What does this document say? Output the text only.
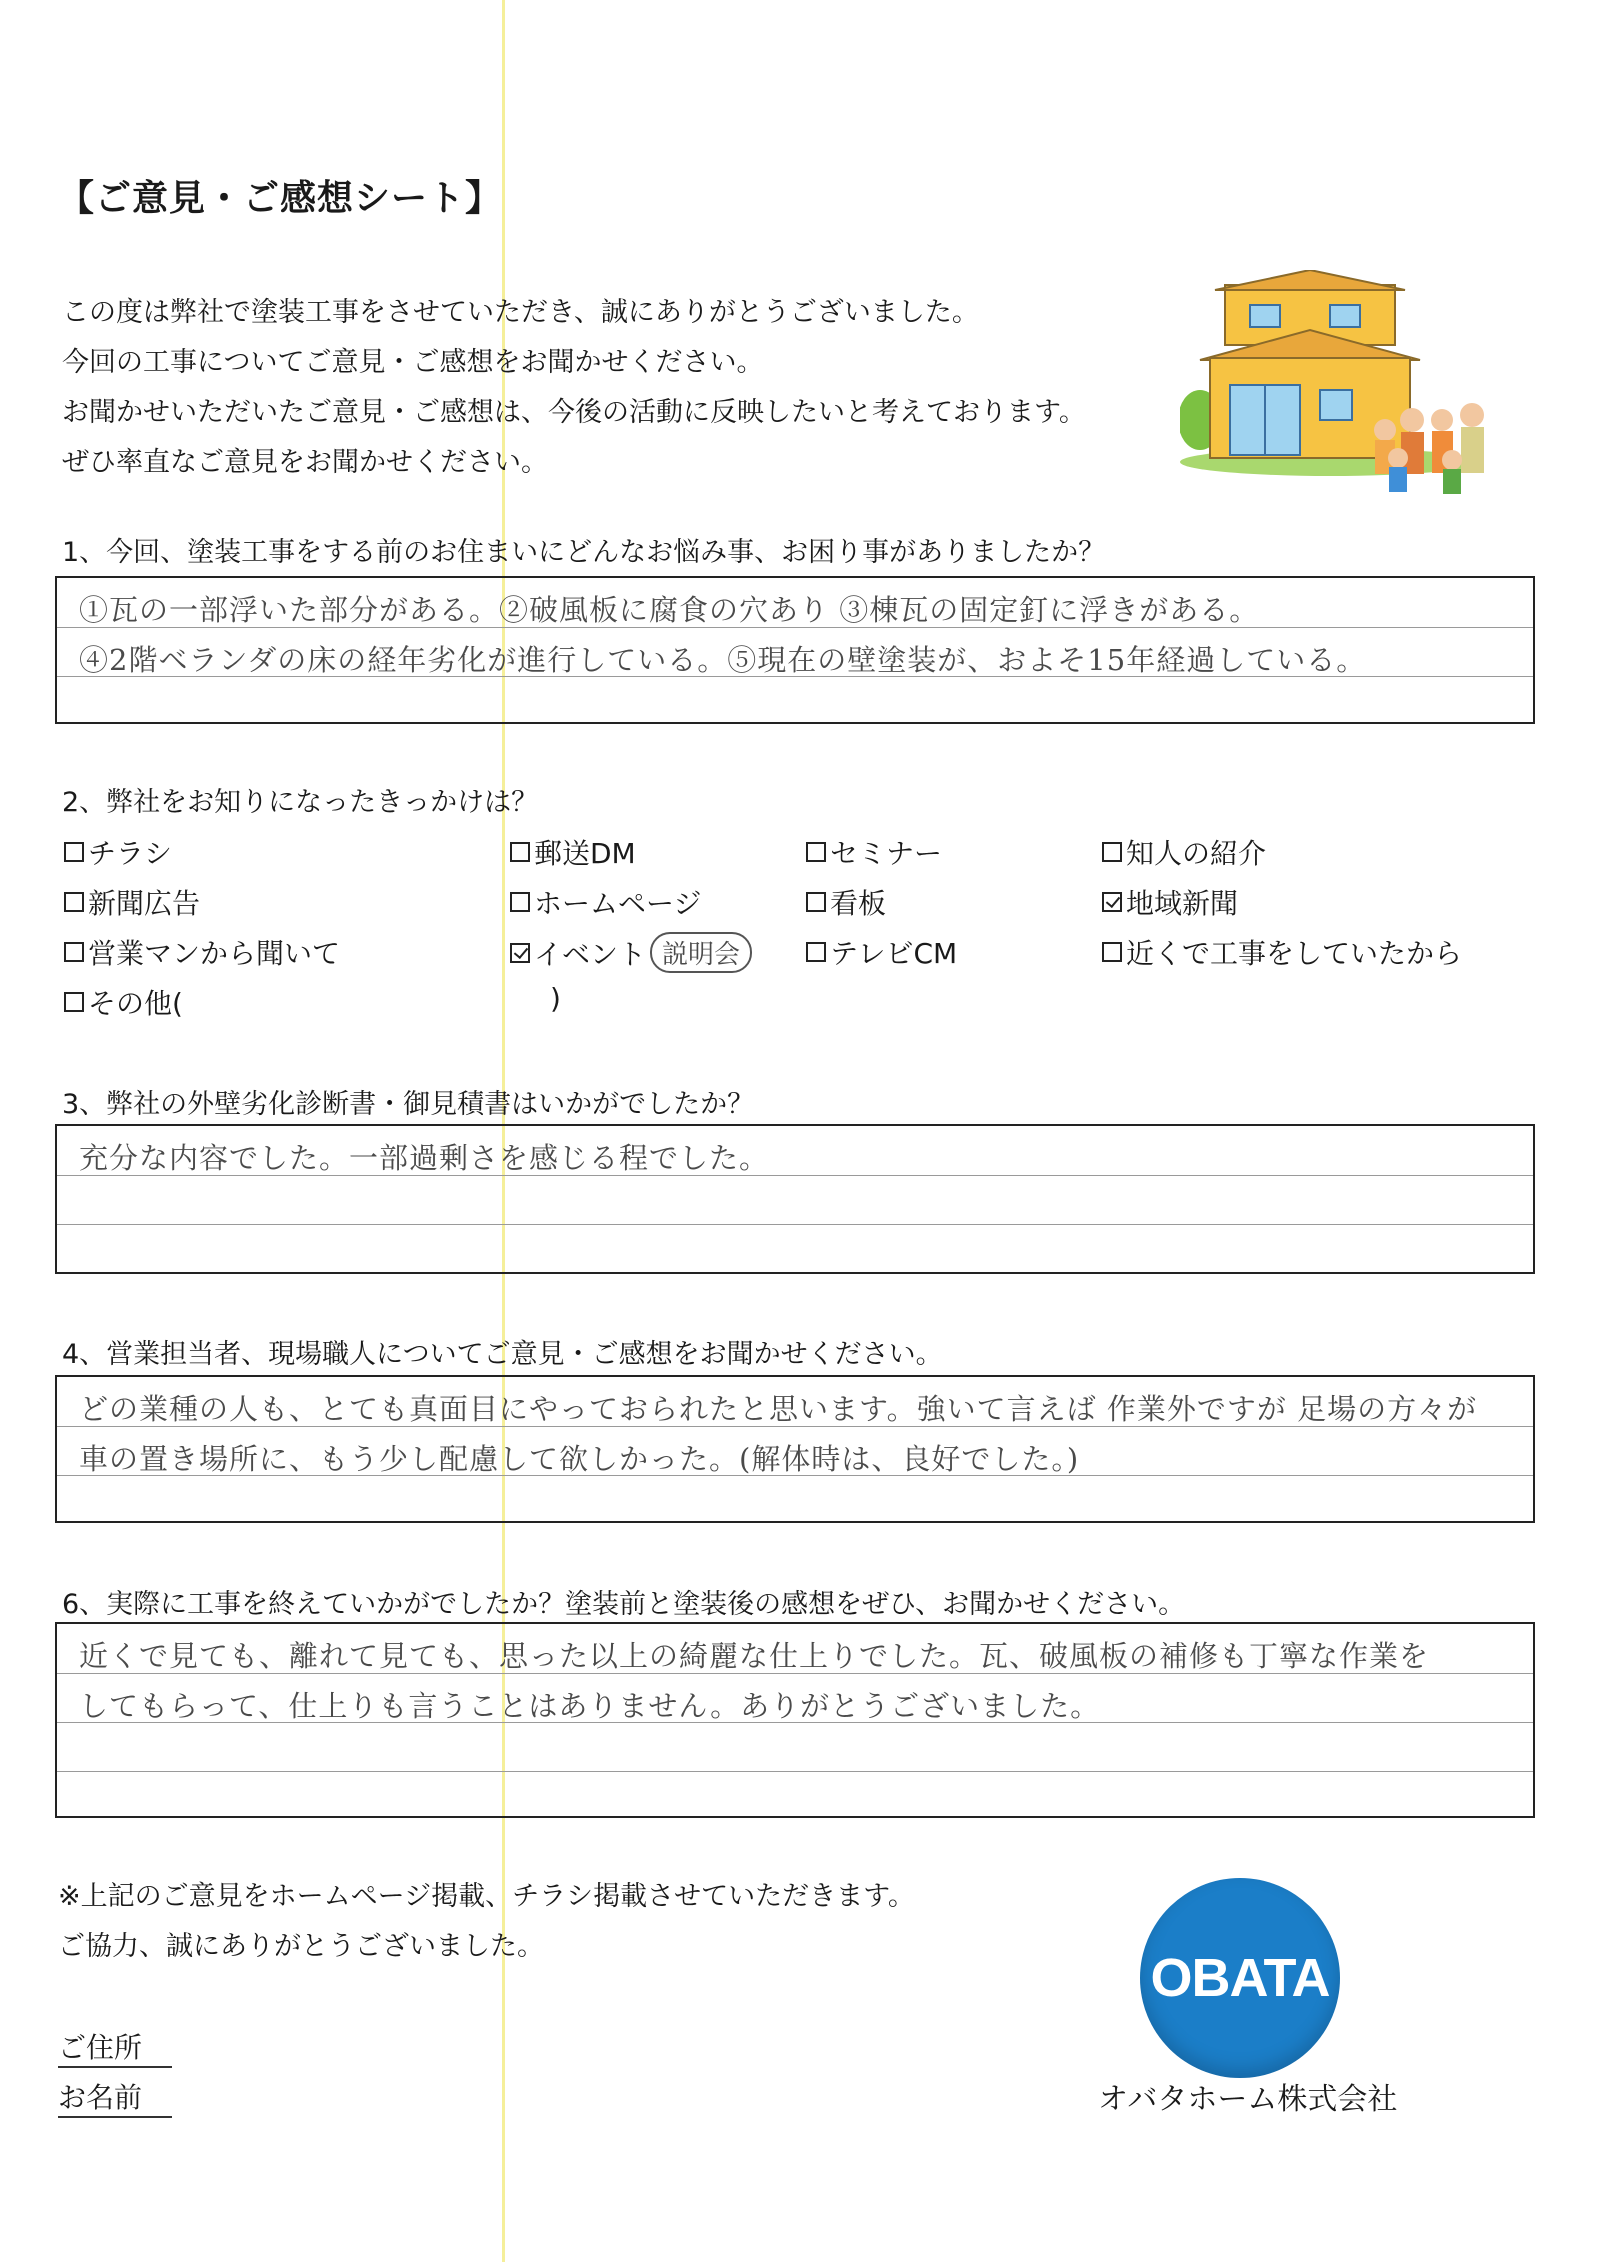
【ご意見・ご感想シート】
この度は弊社で塗装工事をさせていただき、誠にありがとうございました。
今回の工事についてご意見・ご感想をお聞かせください。
お聞かせいただいたご意見・ご感想は、今後の活動に反映したいと考えております。
ぜひ率直なご意見をお聞かせください。
1、今回、塗装工事をする前のお住まいにどんなお悩み事、お困り事がありましたか？
①瓦の一部浮いた部分がある。②破風板に腐食の穴あり ③棟瓦の固定釘に浮きがある。
④2階ベランダの床の経年劣化が進行している。⑤現在の壁塗装が、およそ15年経過している。
2、弊社をお知りになったきっかけは？
チラシ	郵送DM	セミナー	知人の紹介
新聞広告	ホームページ	看板	地域新聞
営業マンから聞いて	イベント 説明会	テレビCM	近くで工事をしていたから
その他(	)
3、弊社の外壁劣化診断書・御見積書はいかがでしたか？
充分な内容でした。一部過剰さを感じる程でした。
4、営業担当者、現場職人についてご意見・ご感想をお聞かせください。
どの業種の人も、とても真面目にやっておられたと思います。強いて言えば 作業外ですが 足場の方々が
車の置き場所に、もう少し配慮して欲しかった。(解体時は、良好でした。)
6、実際に工事を終えていかがでしたか？塗装前と塗装後の感想をぜひ、お聞かせください。
近くで見ても、離れて見ても、思った以上の綺麗な仕上りでした。瓦、破風板の補修も丁寧な作業を
してもらって、仕上りも言うことはありません。ありがとうございました。
※上記のご意見をホームページ掲載、チラシ掲載させていただきます。
ご協力、誠にありがとうございました。
ご住所
お名前
OBATA
オバタホーム株式会社
